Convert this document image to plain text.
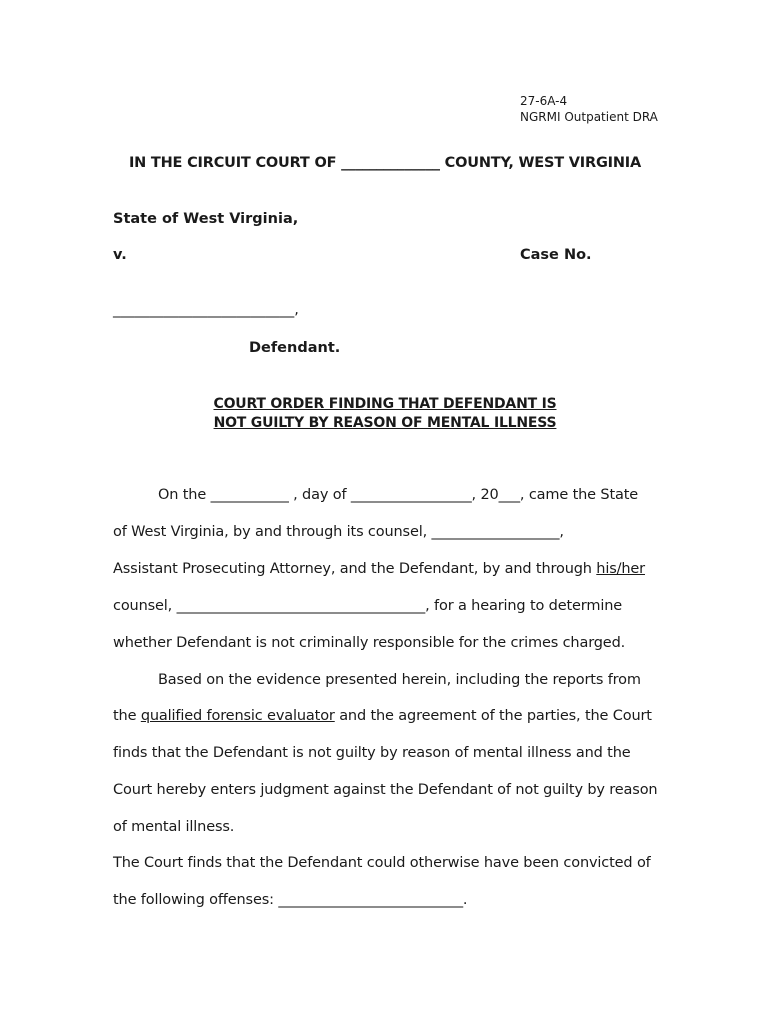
27-6A-4
NGRMI Outpatient DRA
IN THE CIRCUIT COURT OF ______________ COUNTY, WEST VIRGINIA
State of West Virginia,
v.	Case No.
_________________________,
Defendant.
COURT ORDER FINDING THAT DEFENDANT IS
NOT GUILTY BY REASON OF MENTAL ILLNESS
On the ___________ , day of _________________, 20___, came the State
of West Virginia, by and through its counsel, __________________,
Assistant Prosecuting Attorney, and the Defendant, by and through his/her
counsel, ___________________________________, for a hearing to determine
whether Defendant is not criminally responsible for the crimes charged.
Based on the evidence presented herein, including the reports from
the qualified forensic evaluator and the agreement of the parties, the Court
finds that the Defendant is not guilty by reason of mental illness and the
Court hereby enters judgment against the Defendant of not guilty by reason
of mental illness.
The Court finds that the Defendant could otherwise have been convicted of
the following offenses: __________________________.
